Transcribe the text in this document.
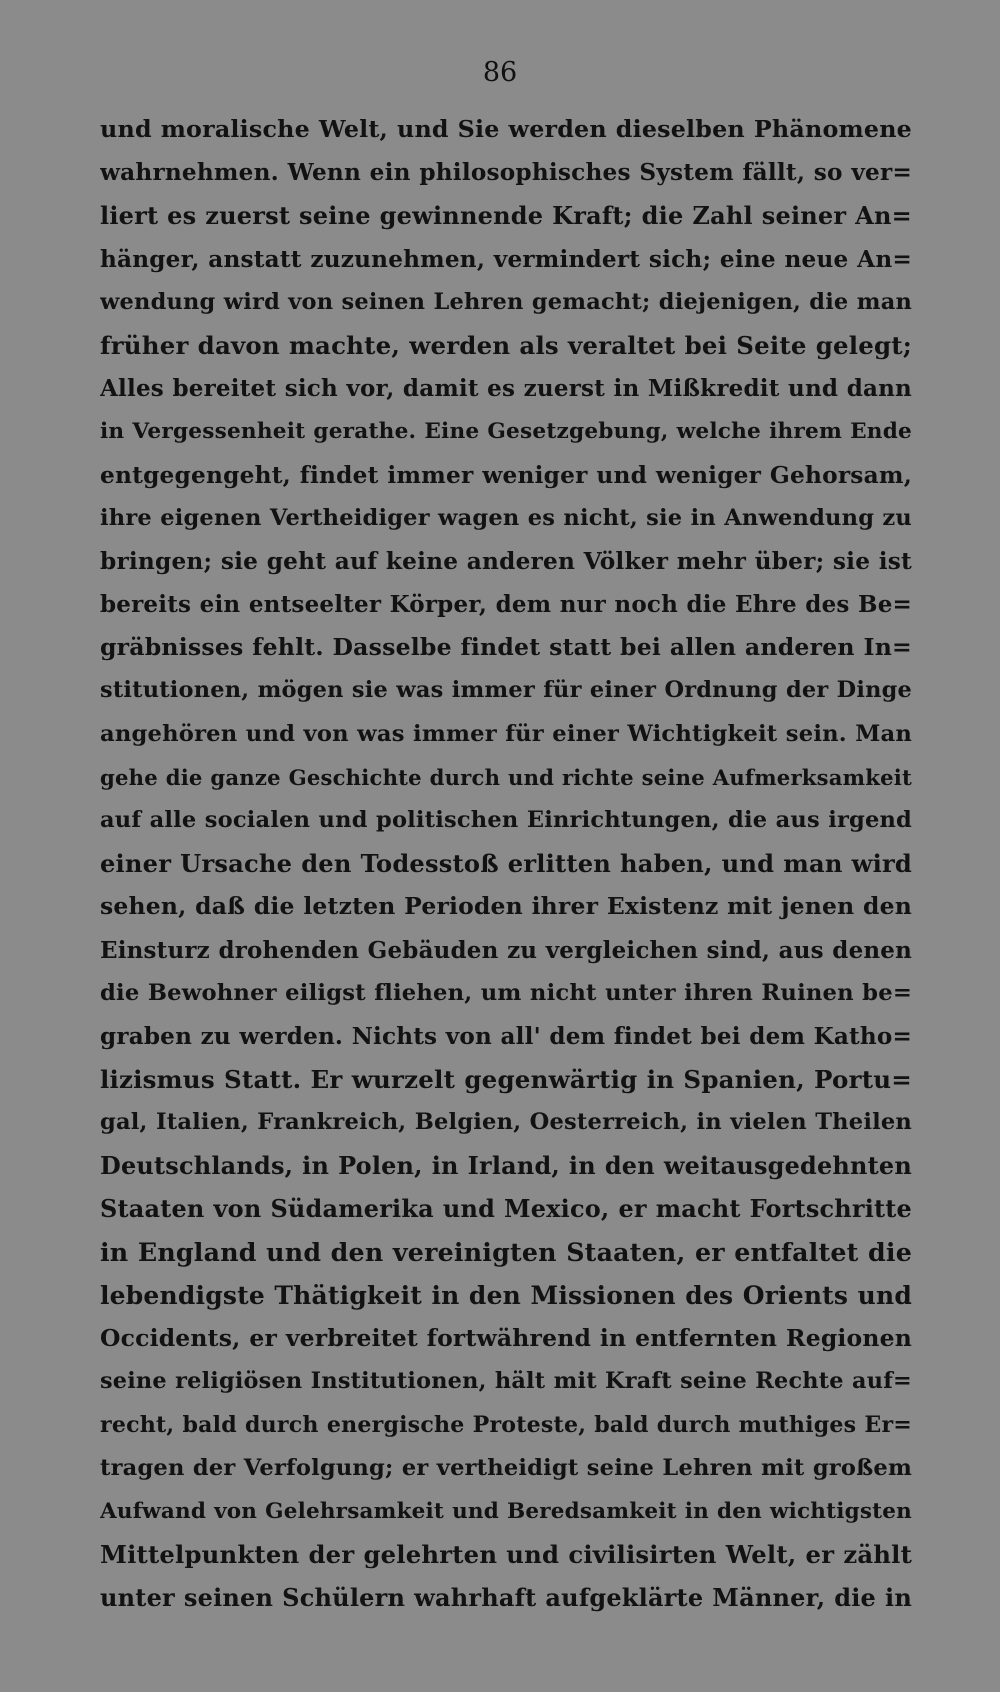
86
und moralische Welt, und Sie werden dieselben Phänomene
wahrnehmen. Wenn ein philosophisches System fällt, so ver=
liert es zuerst seine gewinnende Kraft; die Zahl seiner An=
hänger, anstatt zuzunehmen, vermindert sich; eine neue An=
wendung wird von seinen Lehren gemacht; diejenigen, die man
früher davon machte, werden als veraltet bei Seite gelegt;
Alles bereitet sich vor, damit es zuerst in Mißkredit und dann
in Vergessenheit gerathe. Eine Gesetzgebung, welche ihrem Ende
entgegengeht, findet immer weniger und weniger Gehorsam,
ihre eigenen Vertheidiger wagen es nicht, sie in Anwendung zu
bringen; sie geht auf keine anderen Völker mehr über; sie ist
bereits ein entseelter Körper, dem nur noch die Ehre des Be=
gräbnisses fehlt. Dasselbe findet statt bei allen anderen In=
stitutionen, mögen sie was immer für einer Ordnung der Dinge
angehören und von was immer für einer Wichtigkeit sein. Man
gehe die ganze Geschichte durch und richte seine Aufmerksamkeit
auf alle socialen und politischen Einrichtungen, die aus irgend
einer Ursache den Todesstoß erlitten haben, und man wird
sehen, daß die letzten Perioden ihrer Existenz mit jenen den
Einsturz drohenden Gebäuden zu vergleichen sind, aus denen
die Bewohner eiligst fliehen, um nicht unter ihren Ruinen be=
graben zu werden. Nichts von all' dem findet bei dem Katho=
lizismus Statt. Er wurzelt gegenwärtig in Spanien, Portu=
gal, Italien, Frankreich, Belgien, Oesterreich, in vielen Theilen
Deutschlands, in Polen, in Irland, in den weitausgedehnten
Staaten von Südamerika und Mexico, er macht Fortschritte
in England und den vereinigten Staaten, er entfaltet die
lebendigste Thätigkeit in den Missionen des Orients und
Occidents, er verbreitet fortwährend in entfernten Regionen
seine religiösen Institutionen, hält mit Kraft seine Rechte auf=
recht, bald durch energische Proteste, bald durch muthiges Er=
tragen der Verfolgung; er vertheidigt seine Lehren mit großem
Aufwand von Gelehrsamkeit und Beredsamkeit in den wichtigsten
Mittelpunkten der gelehrten und civilisirten Welt, er zählt
unter seinen Schülern wahrhaft aufgeklärte Männer, die in
